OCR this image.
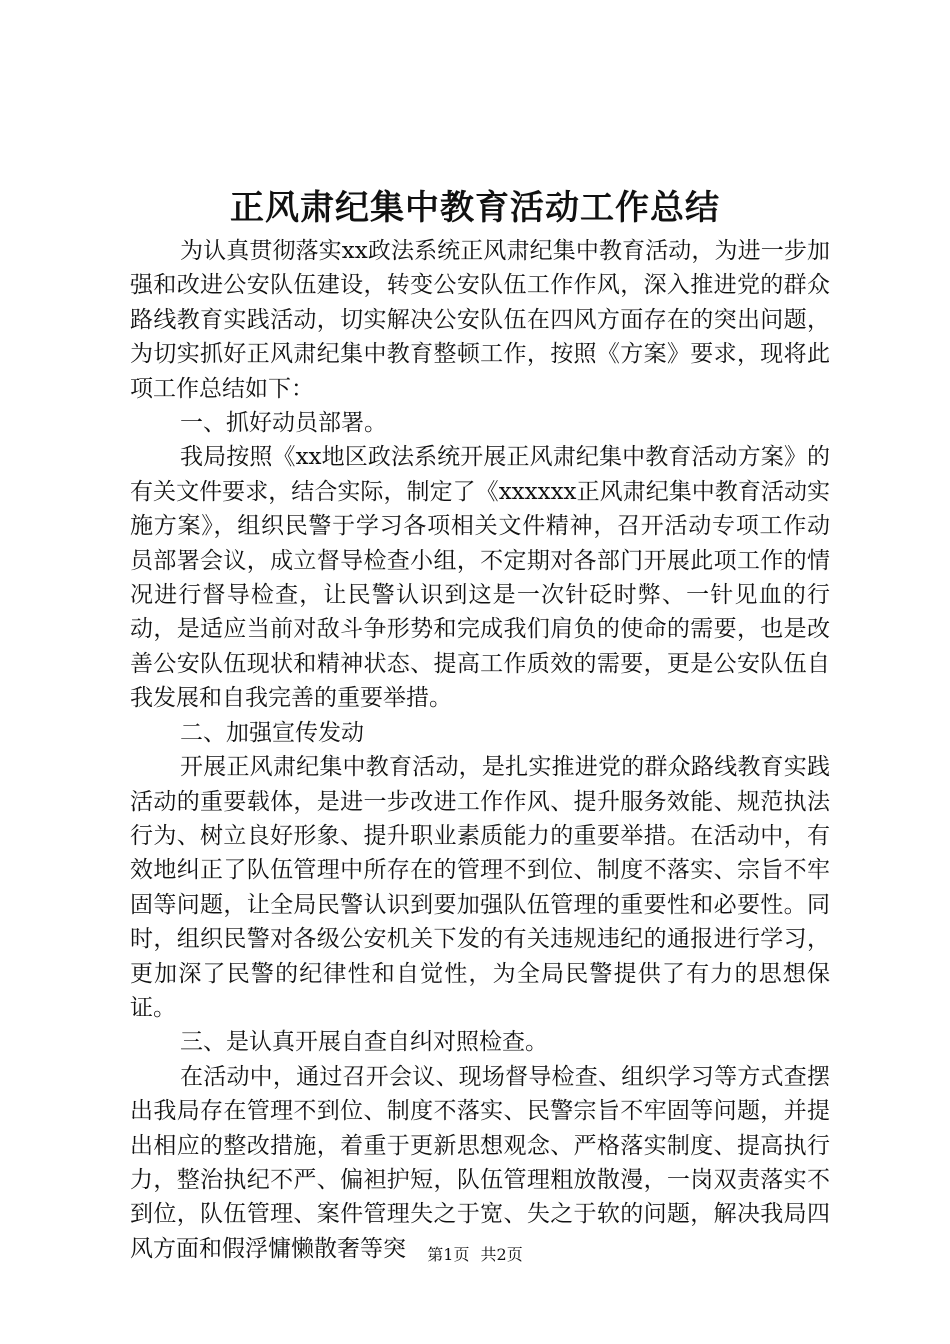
正风肃纪集中教育活动工作总结

为认真贯彻落实xx政法系统正风肃纪集中教育活动，为进一步加强和改进公安队伍建设，转变公安队伍工作作风，深入推进党的群众路线教育实践活动，切实解决公安队伍在四风方面存在的突出问题，为切实抓好正风肃纪集中教育整顿工作，按照《方案》要求，现将此项工作总结如下：

一、抓好动员部署。

我局按照《xx地区政法系统开展正风肃纪集中教育活动方案》的有关文件要求，结合实际，制定了《xxxxxx正风肃纪集中教育活动实施方案》，组织民警于学习各项相关文件精神，召开活动专项工作动员部署会议，成立督导检查小组，不定期对各部门开展此项工作的情况进行督导检查，让民警认识到这是一次针砭时弊、一针见血的行动，是适应当前对敌斗争形势和完成我们肩负的使命的需要，也是改善公安队伍现状和精神状态、提高工作质效的需要，更是公安队伍自我发展和自我完善的重要举措。

二、加强宣传发动

开展正风肃纪集中教育活动，是扎实推进党的群众路线教育实践活动的重要载体，是进一步改进工作作风、提升服务效能、规范执法行为、树立良好形象、提升职业素质能力的重要举措。在活动中，有效地纠正了队伍管理中所存在的管理不到位、制度不落实、宗旨不牢固等问题，让全局民警认识到要加强队伍管理的重要性和必要性。同时，组织民警对各级公安机关下发的有关违规违纪的通报进行学习，更加深了民警的纪律性和自觉性，为全局民警提供了有力的思想保证。

三、是认真开展自查自纠对照检查。

在活动中，通过召开会议、现场督导检查、组织学习等方式查摆出我局存在管理不到位、制度不落实、民警宗旨不牢固等问题，并提出相应的整改措施，着重于更新思想观念、严格落实制度、提高执行力，整治执纪不严、偏袒护短，队伍管理粗放散漫，一岗双责落实不到位，队伍管理、案件管理失之于宽、失之于软的问题，解决我局四风方面和假浮慵懒散奢等突	第1页 共2页
